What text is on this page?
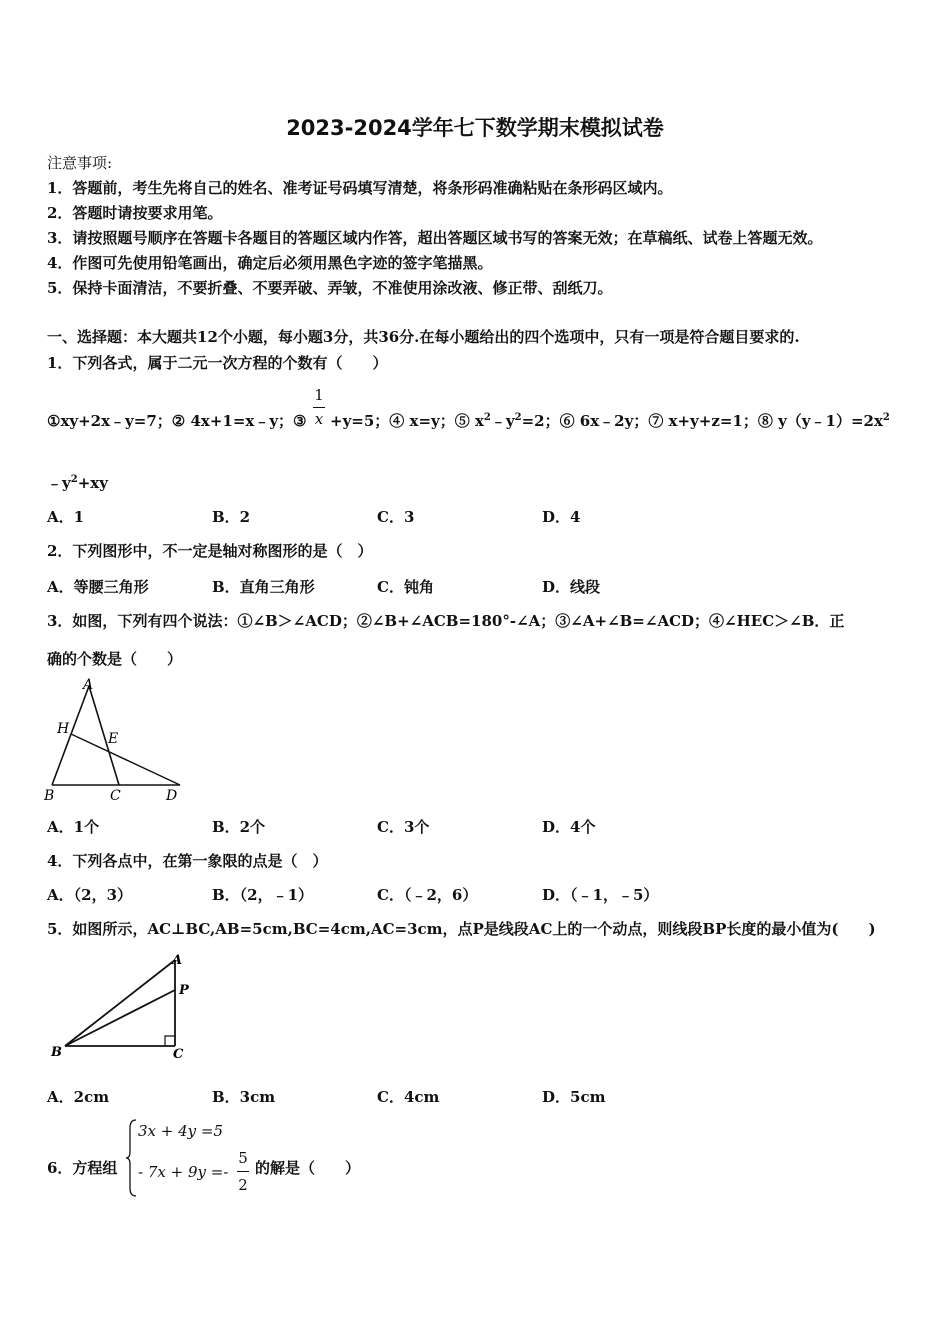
2023-2024学年七下数学期末模拟试卷
注意事项:
1．答题前，考生先将自己的姓名、准考证号码填写清楚，将条形码准确粘贴在条形码区域内。
2．答题时请按要求用笔。
3．请按照题号顺序在答题卡各题目的答题区域内作答，超出答题区域书写的答案无效；在草稿纸、试卷上答题无效。
4．作图可先使用铅笔画出，确定后必须用黑色字迹的签字笔描黑。
5．保持卡面清洁，不要折叠、不要弄破、弄皱，不准使用涂改液、修正带、刮纸刀。
一、选择题：本大题共12个小题，每小题3分，共36分.在每小题给出的四个选项中，只有一项是符合题目要求的.
1．下列各式，属于二元一次方程的个数有（　　）
①xy+2x﹣y=7；② 4x+1=x﹣y；③
1
x +y=5；④ x=y；⑤ $x^2﹣y^2=2$；⑥ 6x﹣2y；⑦ x+y+z=1；⑧ $y(y﹣1)=2x^2$
$﹣y^2+xy$
A．1	B．2	C．3	D．4
2．下列图形中，不一定是轴对称图形的是（　）
A．等腰三角形	B．直角三角形	C．钝角	D．线段
3．如图，下列有四个说法：①∠B＞∠ACD；②∠B+∠ACB=180°-∠A；③∠A+∠B=∠ACD；④∠HEC＞∠B．正
确的个数是（　　）
A
H
E
B	C	D
A．1个	B．2个	C．3个	D．4个
4．下列各点中，在第一象限的点是（　）
A．（2，3）	B．（2，﹣1）	C．（﹣2，6）	D．（﹣1，﹣5）
5．如图所示，AC⊥BC,AB=5cm,BC=4cm,AC=3cm，点P是线段AC上的一个动点，则线段BP长度的最小值为(　　)
A
P
B	C
A．2cm	B．3cm	C．4cm	D．5cm
6．方程组
3x + 4y =5
- 7x + 9y =-
5
2
的解是（　　）
